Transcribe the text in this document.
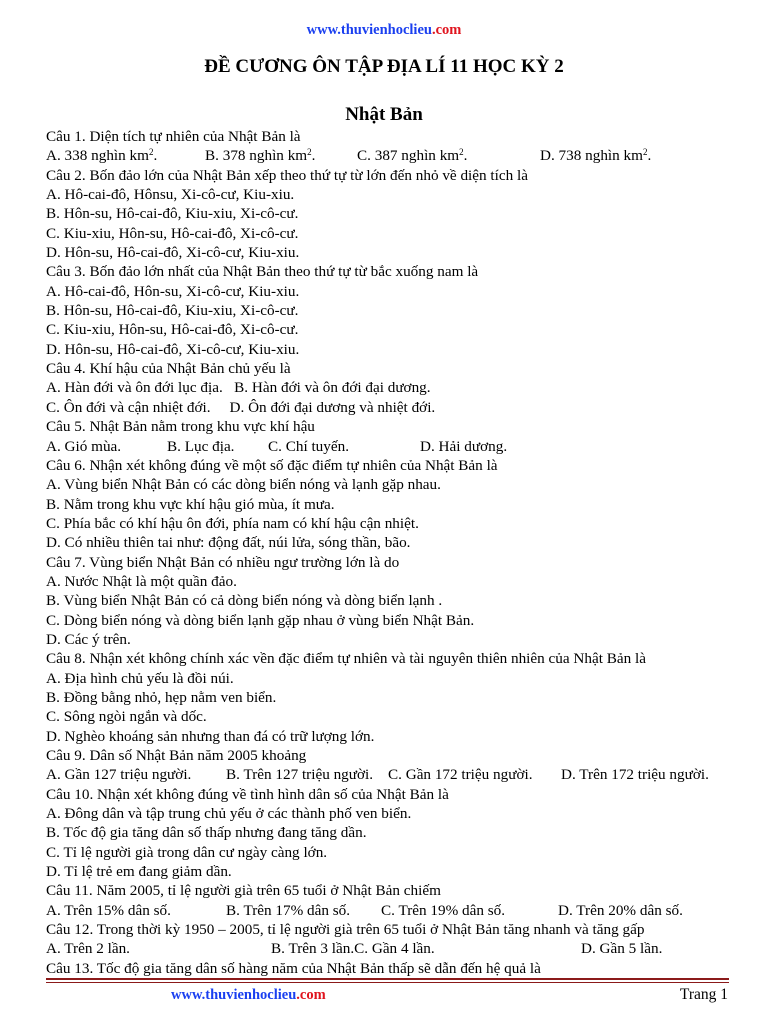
www.thuvienhoclieu.com
ĐỀ CƯƠNG ÔN TẬP ĐỊA LÍ 11 HỌC KỲ 2
Nhật Bản
Câu 1. Diện tích tự nhiên của Nhật Bản là
A. 338 nghìn $km^2$.	B. 378 nghìn $km^2$.	C. 387 nghìn $km^2$.	D. 738 nghìn $km^2$.
Câu 2. Bốn đảo lớn của Nhật Bản xếp theo thứ tự từ lớn đến nhỏ về diện tích là
A. Hô-cai-đô, Hônsu, Xi-cô-cư, Kiu-xiu.
B. Hôn-su, Hô-cai-đô, Kiu-xiu, Xi-cô-cư.
C. Kiu-xiu, Hôn-su, Hô-cai-đô, Xi-cô-cư.
D. Hôn-su, Hô-cai-đô, Xi-cô-cư, Kiu-xiu.
Câu 3. Bốn đảo lớn nhất của Nhật Bản theo thứ tự từ bắc xuống nam là
A. Hô-cai-đô, Hôn-su, Xi-cô-cư, Kiu-xiu.
B. Hôn-su, Hô-cai-đô, Kiu-xiu, Xi-cô-cư.
C. Kiu-xiu, Hôn-su, Hô-cai-đô, Xi-cô-cư.
D. Hôn-su, Hô-cai-đô, Xi-cô-cư, Kiu-xiu.
Câu 4. Khí hậu của Nhật Bản chủ yếu là
A. Hàn đới và ôn đới lục địa.   B. Hàn đới và ôn đới đại dương.
C. Ôn đới và cận nhiệt đới.     D. Ôn đới đại dương và nhiệt đới.
Câu 5. Nhật Bản nằm trong khu vực khí hậu
A. Gió mùa.	B. Lục địa. C. Chí tuyến.	D. Hải dương.
Câu 6. Nhận xét không đúng về một số đặc điểm tự nhiên của Nhật Bản là
A. Vùng biển Nhật Bản có các dòng biển nóng và lạnh gặp nhau.
B. Nằm trong khu vực khí hậu gió mùa, ít mưa.
C. Phía bắc có khí hậu ôn đới, phía nam có khí hậu cận nhiệt.
D. Có nhiều thiên tai như: động đất, núi lửa, sóng thần, bão.
Câu 7. Vùng biển Nhật Bản có nhiều ngư trường lớn là do
A. Nước Nhật là một quần đảo.
B. Vùng biển Nhật Bản có cả dòng biển nóng và dòng biển lạnh .
C. Dòng biển nóng và dòng biển lạnh gặp nhau ở vùng biển Nhật Bản.
D. Các ý trên.
Câu 8. Nhận xét không chính xác vền đặc điểm tự nhiên và tài nguyên thiên nhiên của Nhật Bản là
A. Địa hình chủ yếu là đồi núi.
B. Đồng bằng nhỏ, hẹp nằm ven biển.
C. Sông ngòi ngắn và dốc.
D. Nghèo khoáng sản nhưng than đá có trữ lượng lớn.
Câu 9. Dân số Nhật Bản năm 2005 khoảng
A. Gần 127 triệu người. B. Trên 127 triệu người. C. Gần 172 triệu người. D. Trên 172 triệu người.
Câu 10. Nhận xét không đúng về tình hình dân số của Nhật Bản là
A. Đông dân và tập trung chủ yếu ở các thành phố ven biển.
B. Tốc độ gia tăng dân số thấp nhưng đang tăng dần.
C. Tỉ lệ người già trong dân cư ngày càng lớn.
D. Tỉ lệ trẻ em đang giảm dần.
Câu 11. Năm 2005, tỉ lệ người già trên 65 tuổi ở Nhật Bản chiếm
A. Trên 15% dân số.	B. Trên 17% dân số. C. Trên 19% dân số.	D. Trên 20% dân số.
Câu 12. Trong thời kỳ 1950 – 2005, tỉ lệ người già trên 65 tuổi ở Nhật Bản tăng nhanh và tăng gấp
A. Trên 2 lần.	B. Trên 3 lần.C. Gần 4 lần.	D. Gần 5 lần.
Câu 13. Tốc độ gia tăng dân số hàng năm của Nhật Bản thấp sẽ dẫn đến hệ quả là
www.thuvienhoclieu.com	Trang 1
